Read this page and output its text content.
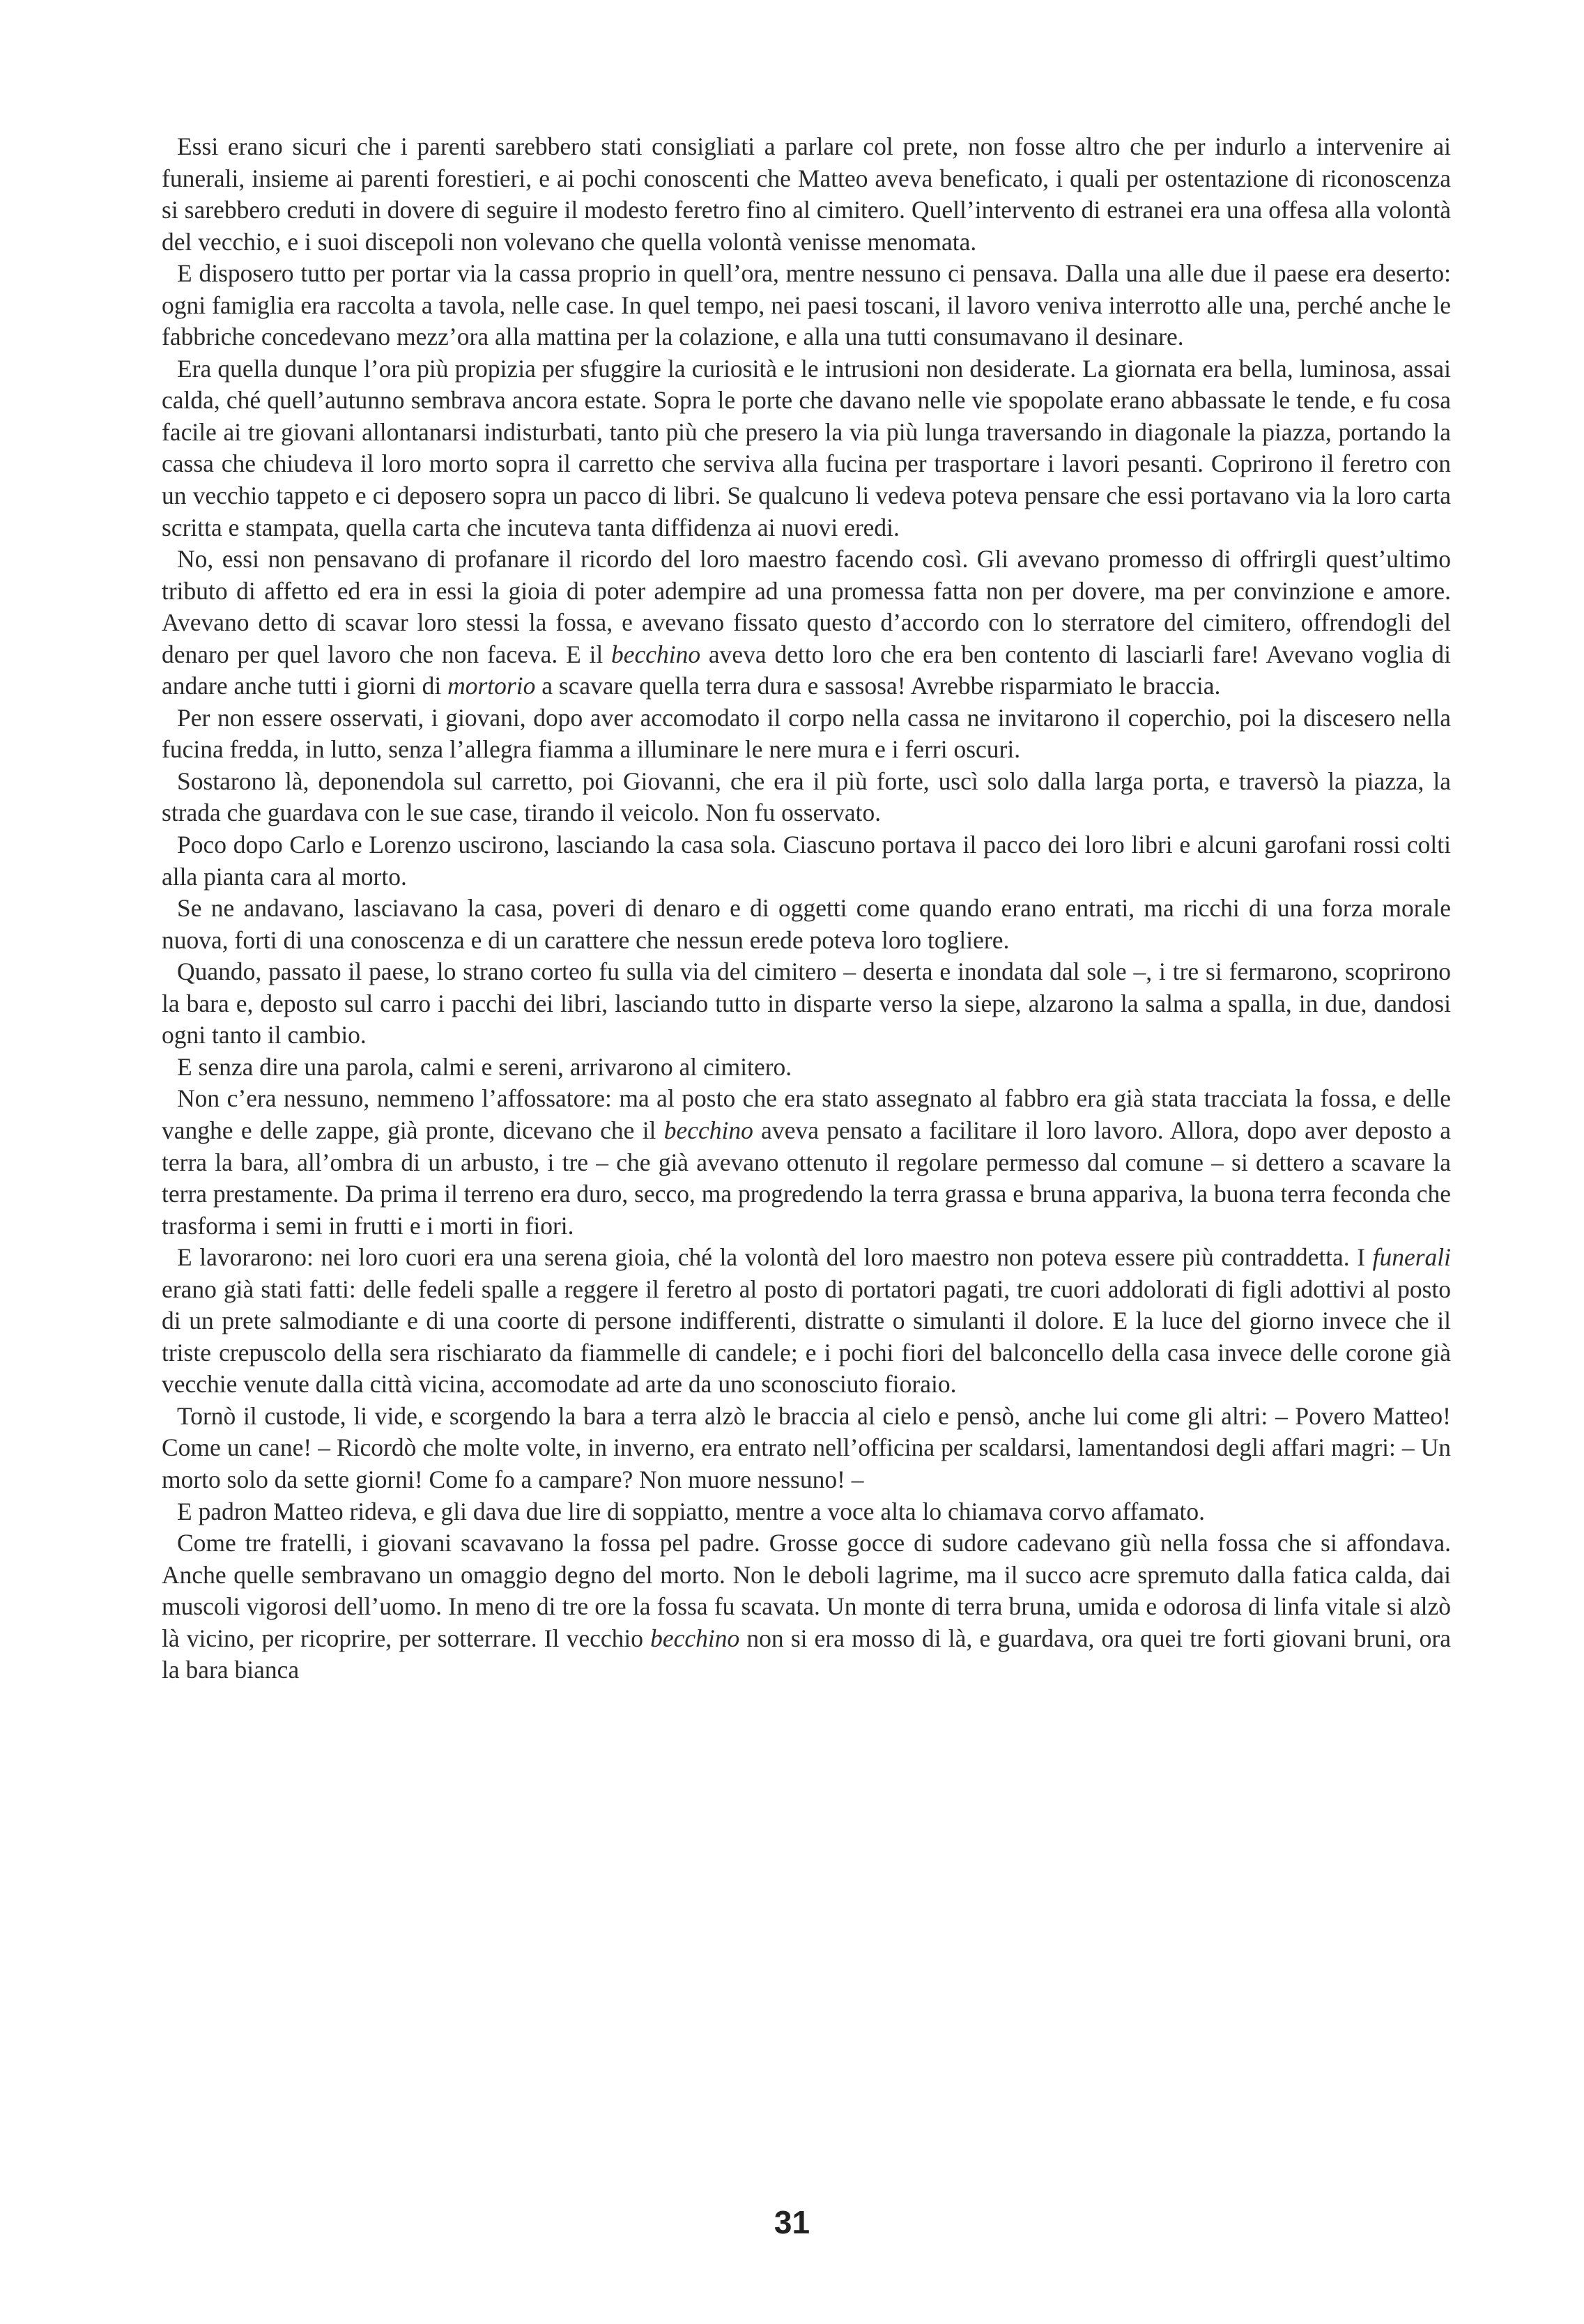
Essi erano sicuri che i parenti sarebbero stati consigliati a parlare col prete, non fosse altro che per indurlo a intervenire ai funerali, insieme ai parenti forestieri, e ai pochi conoscenti che Matteo aveva beneficato, i quali per ostentazione di riconoscenza si sarebbero creduti in dovere di seguire il modesto feretro fino al cimitero. Quell’intervento di estranei era una offesa alla volontà del vecchio, e i suoi discepoli non volevano che quella volontà venisse menomata.

E disposero tutto per portar via la cassa proprio in quell’ora, mentre nessuno ci pensava. Dalla una alle due il paese era deserto: ogni famiglia era raccolta a tavola, nelle case. In quel tempo, nei paesi toscani, il lavoro veniva interrotto alle una, perché anche le fabbriche concedevano mezz’ora alla mattina per la colazione, e alla una tutti consumavano il desinare.

Era quella dunque l’ora più propizia per sfuggire la curiosità e le intrusioni non desiderate. La giornata era bella, luminosa, assai calda, ché quell’autunno sembrava ancora estate. Sopra le porte che davano nelle vie spopolate erano abbassate le tende, e fu cosa facile ai tre giovani allontanarsi indisturbati, tanto più che presero la via più lunga traversando in diagonale la piazza, portando la cassa che chiudeva il loro morto sopra il carretto che serviva alla fucina per trasportare i lavori pesanti. Coprirono il feretro con un vecchio tappeto e ci deposero sopra un pacco di libri. Se qualcuno li vedeva poteva pensare che essi portavano via la loro carta scritta e stampata, quella carta che incuteva tanta diffidenza ai nuovi eredi.

No, essi non pensavano di profanare il ricordo del loro maestro facendo così. Gli avevano promesso di offrirgli quest’ultimo tributo di affetto ed era in essi la gioia di poter adempire ad una promessa fatta non per dovere, ma per convinzione e amore. Avevano detto di scavar loro stessi la fossa, e avevano fissato questo d’accordo con lo sterratore del cimitero, offrendogli del denaro per quel lavoro che non faceva. E il becchino aveva detto loro che era ben contento di lasciarli fare! Avevano voglia di andare anche tutti i giorni di mortorio a scavare quella terra dura e sassosa! Avrebbe risparmiato le braccia.

Per non essere osservati, i giovani, dopo aver accomodato il corpo nella cassa ne invitarono il coperchio, poi la discesero nella fucina fredda, in lutto, senza l’allegra fiamma a illuminare le nere mura e i ferri oscuri.

Sostarono là, deponendola sul carretto, poi Giovanni, che era il più forte, uscì solo dalla larga porta, e traversò la piazza, la strada che guardava con le sue case, tirando il veicolo. Non fu osservato.

Poco dopo Carlo e Lorenzo uscirono, lasciando la casa sola. Ciascuno portava il pacco dei loro libri e alcuni garofani rossi colti alla pianta cara al morto.

Se ne andavano, lasciavano la casa, poveri di denaro e di oggetti come quando erano entrati, ma ricchi di una forza morale nuova, forti di una conoscenza e di un carattere che nessun erede poteva loro togliere.

Quando, passato il paese, lo strano corteo fu sulla via del cimitero – deserta e inondata dal sole –, i tre si fermarono, scoprirono la bara e, deposto sul carro i pacchi dei libri, lasciando tutto in disparte verso la siepe, alzarono la salma a spalla, in due, dandosi ogni tanto il cambio.

E senza dire una parola, calmi e sereni, arrivarono al cimitero.

Non c’era nessuno, nemmeno l’affossatore: ma al posto che era stato assegnato al fabbro era già stata tracciata la fossa, e delle vanghe e delle zappe, già pronte, dicevano che il becchino aveva pensato a facilitare il loro lavoro. Allora, dopo aver deposto a terra la bara, all’ombra di un arbusto, i tre – che già avevano ottenuto il regolare permesso dal comune – si dettero a scavare la terra prestamente. Da prima il terreno era duro, secco, ma progredendo la terra grassa e bruna appariva, la buona terra feconda che trasforma i semi in frutti e i morti in fiori.

E lavorarono: nei loro cuori era una serena gioia, ché la volontà del loro maestro non poteva essere più contraddetta. I funerali erano già stati fatti: delle fedeli spalle a reggere il feretro al posto di portatori pagati, tre cuori addolorati di figli adottivi al posto di un prete salmodiante e di una coorte di persone indifferenti, distratte o simulanti il dolore. E la luce del giorno invece che il triste crepuscolo della sera rischiarato da fiammelle di candele; e i pochi fiori del balconcello della casa invece delle corone già vecchie venute dalla città vicina, accomodate ad arte da uno sconosciuto fioraio.

Tornò il custode, li vide, e scorgendo la bara a terra alzò le braccia al cielo e pensò, anche lui come gli altri: – Povero Matteo! Come un cane! – Ricordò che molte volte, in inverno, era entrato nell’officina per scaldarsi, lamentandosi degli affari magri: – Un morto solo da sette giorni! Come fo a campare? Non muore nessuno! –

E padron Matteo rideva, e gli dava due lire di soppiatto, mentre a voce alta lo chiamava corvo affamato.

Come tre fratelli, i giovani scavavano la fossa pel padre. Grosse gocce di sudore cadevano giù nella fossa che si affondava. Anche quelle sembravano un omaggio degno del morto. Non le deboli lagrime, ma il succo acre spremuto dalla fatica calda, dai muscoli vigorosi dell’uomo. In meno di tre ore la fossa fu scavata. Un monte di terra bruna, umida e odorosa di linfa vitale si alzò là vicino, per ricoprire, per sotterrare. Il vecchio becchino non si era mosso di là, e guardava, ora quei tre forti giovani bruni, ora la bara bianca

31
